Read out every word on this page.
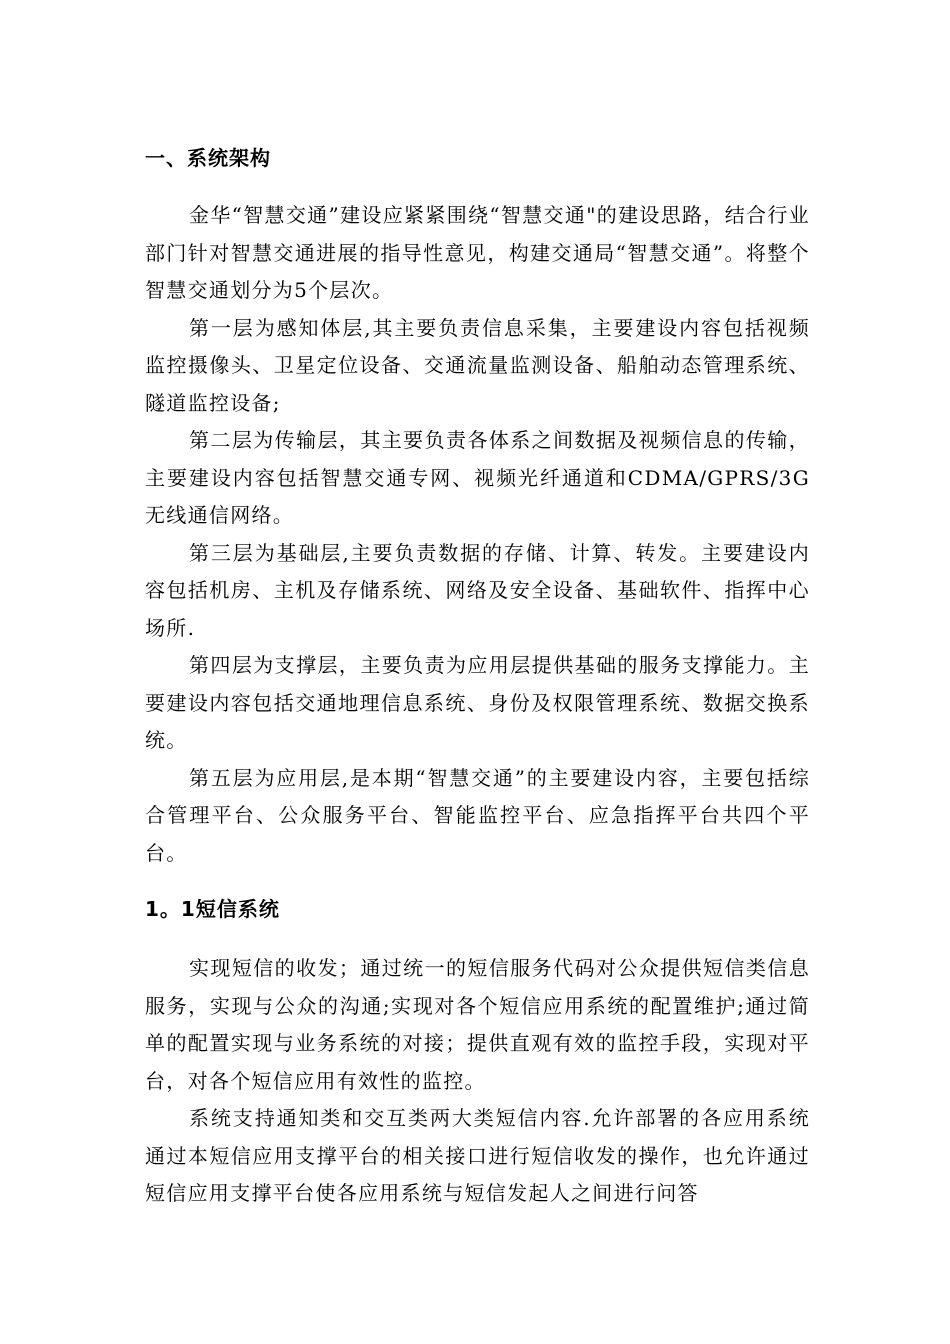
一、系统架构

金华“智慧交通”建设应紧紧围绕“智慧交通"的建设思路，结合行业部门针对智慧交通进展的指导性意见，构建交通局“智慧交通”。将整个智慧交通划分为5个层次。

第一层为感知体层,其主要负责信息采集，主要建设内容包括视频监控摄像头、卫星定位设备、交通流量监测设备、船舶动态管理系统、隧道监控设备;

第二层为传输层，其主要负责各体系之间数据及视频信息的传输，主要建设内容包括智慧交通专网、视频光纤通道和CDMA/GPRS/3G无线通信网络。

第三层为基础层,主要负责数据的存储、计算、转发。主要建设内容包括机房、主机及存储系统、网络及安全设备、基础软件、指挥中心场所.

第四层为支撑层，主要负责为应用层提供基础的服务支撑能力。主要建设内容包括交通地理信息系统、身份及权限管理系统、数据交换系统。

第五层为应用层,是本期“智慧交通”的主要建设内容，主要包括综合管理平台、公众服务平台、智能监控平台、应急指挥平台共四个平台。

1。1短信系统

实现短信的收发；通过统一的短信服务代码对公众提供短信类信息服务，实现与公众的沟通;实现对各个短信应用系统的配置维护;通过简单的配置实现与业务系统的对接；提供直观有效的监控手段，实现对平台，对各个短信应用有效性的监控。

系统支持通知类和交互类两大类短信内容.允许部署的各应用系统通过本短信应用支撑平台的相关接口进行短信收发的操作，也允许通过短信应用支撑平台使各应用系统与短信发起人之间进行问答
